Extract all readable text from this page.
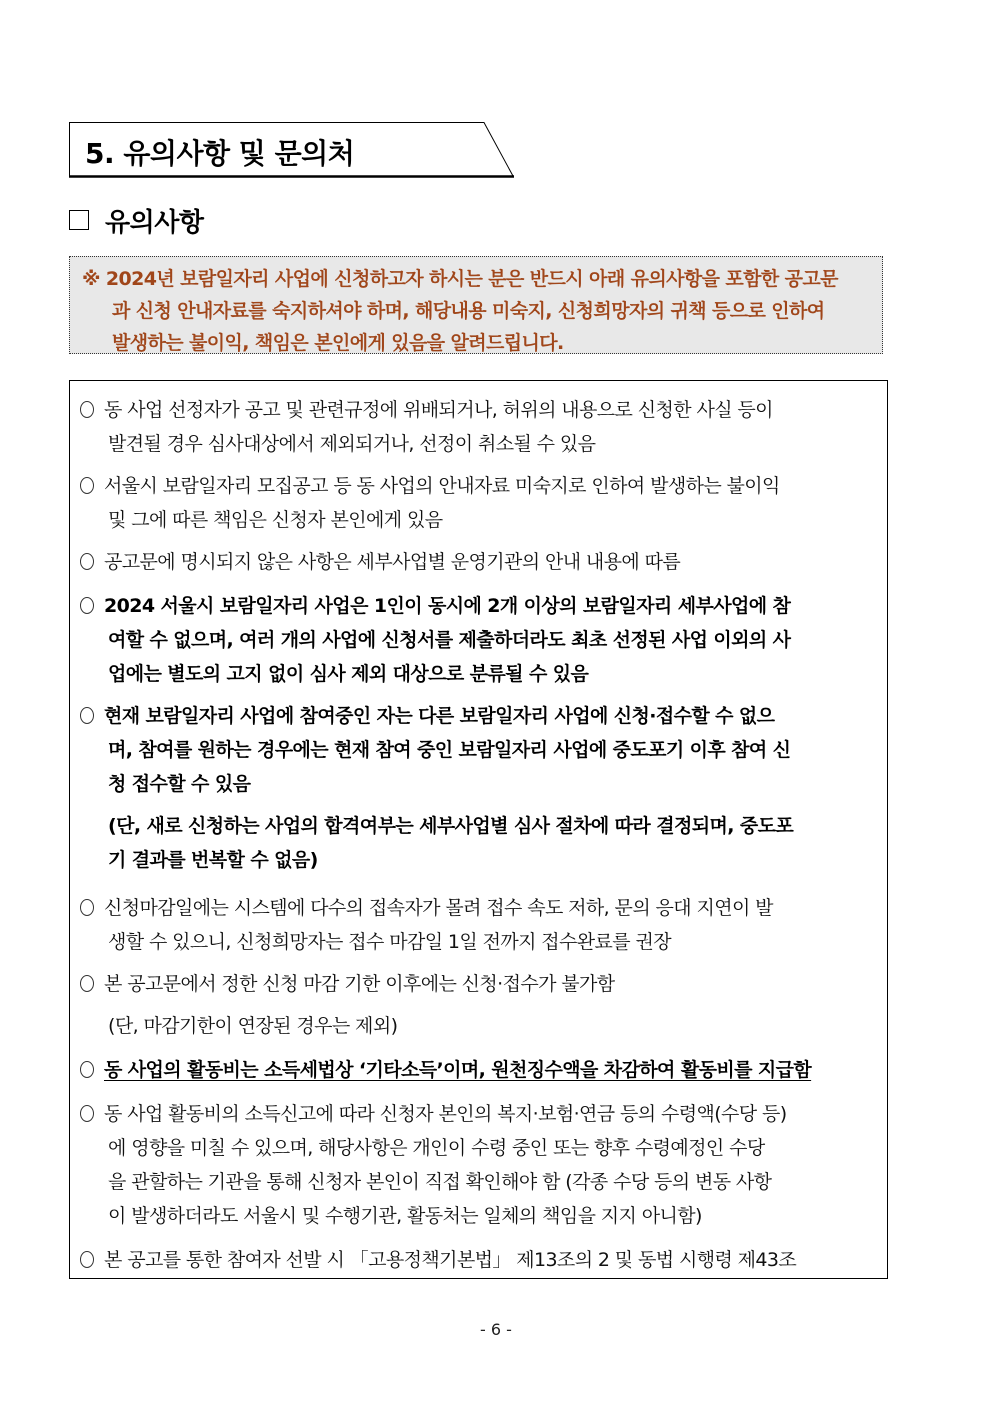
5. 유의사항 및 문의처
유의사항
※ 2024년 보람일자리 사업에 신청하고자 하시는 분은 반드시 아래 유의사항을 포함한 공고문
과 신청 안내자료를 숙지하셔야 하며, 해당내용 미숙지, 신청희망자의 귀책 등으로 인하여
발생하는 불이익, 책임은 본인에게 있음을 알려드립니다.
동 사업 선정자가 공고 및 관련규정에 위배되거나, 허위의 내용으로 신청한 사실 등이
발견될 경우 심사대상에서 제외되거나, 선정이 취소될 수 있음
서울시 보람일자리 모집공고 등 동 사업의 안내자료 미숙지로 인하여 발생하는 불이익
및 그에 따른 책임은 신청자 본인에게 있음
공고문에 명시되지 않은 사항은 세부사업별 운영기관의 안내 내용에 따름
2024 서울시 보람일자리 사업은 1인이 동시에 2개 이상의 보람일자리 세부사업에 참
여할 수 없으며, 여러 개의 사업에 신청서를 제출하더라도 최초 선정된 사업 이외의 사
업에는 별도의 고지 없이 심사 제외 대상으로 분류될 수 있음
현재 보람일자리 사업에 참여중인 자는 다른 보람일자리 사업에 신청·접수할 수 없으
며, 참여를 원하는 경우에는 현재 참여 중인 보람일자리 사업에 중도포기 이후 참여 신
청 접수할 수 있음
(단, 새로 신청하는 사업의 합격여부는 세부사업별 심사 절차에 따라 결정되며, 중도포
기 결과를 번복할 수 없음)
신청마감일에는 시스템에 다수의 접속자가 몰려 접수 속도 저하, 문의 응대 지연이 발
생할 수 있으니, 신청희망자는 접수 마감일 1일 전까지 접수완료를 권장
본 공고문에서 정한 신청 마감 기한 이후에는 신청·접수가 불가함
(단, 마감기한이 연장된 경우는 제외)
동 사업의 활동비는 소득세법상 ‘기타소득’이며, 원천징수액을 차감하여 활동비를 지급함
동 사업 활동비의 소득신고에 따라 신청자 본인의 복지·보험·연금 등의 수령액(수당 등)
에 영향을 미칠 수 있으며, 해당사항은 개인이 수령 중인 또는 향후 수령예정인 수당
을 관할하는 기관을 통해 신청자 본인이 직접 확인해야 함 (각종 수당 등의 변동 사항
이 발생하더라도 서울시 및 수행기관, 활동처는 일체의 책임을 지지 아니함)
본 공고를 통한 참여자 선발 시 「고용정책기본법」 제13조의 2 및 동법 시행령 제43조
- 6 -
